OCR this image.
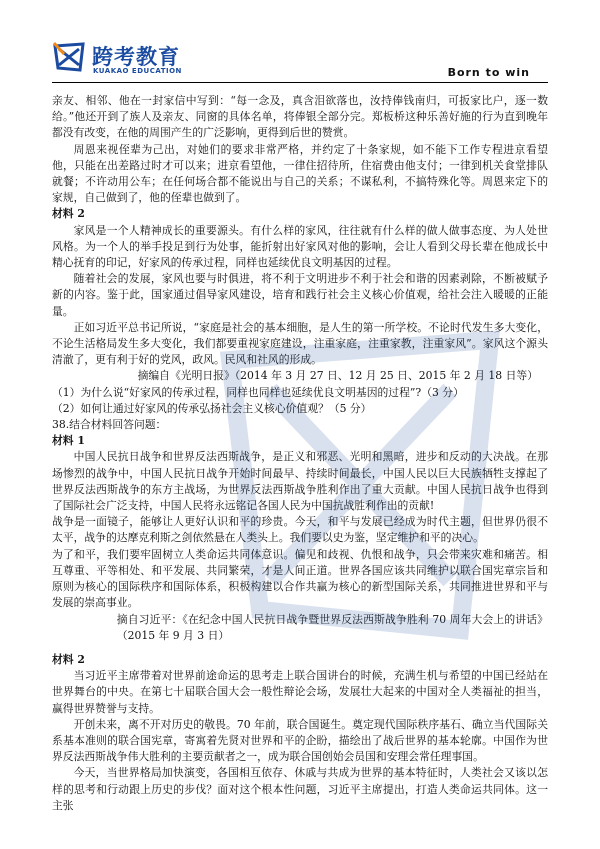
跨考教育
KUAKAO EDUCATION	Born to win

亲友、相邻、他在一封家信中写到：“每一念及，真含泪欲落也，汝持俸钱南归，可扳家比户，逐一数给。”他还开到了族人及亲友、同窗的具体名单，将俸银全部分完。郑板桥这种乐善好施的行为直到晚年都没有改变，在他的周围产生的广泛影响，更得到后世的赞赏。

周恩来视侄辈为己出，对她们的要求非常严格，并约定了十条家规，如不能下工作专程进京看望他，只能在出差路过时才可以来；进京看望他，一律住招待所，住宿费由他支付；一律到机关食堂排队就餐；不许动用公车；在任何场合都不能说出与自己的关系；不谋私利，不搞特殊化等。周恩来定下的家规，自己做到了，他的侄辈也做到了。

材料 2

家风是一个人精神成长的重要源头。有什么样的家风，往往就有什么样的做人做事态度、为人处世风格。为一个人的举手投足到行为处事，能折射出好家风对他的影响，会让人看到父母长辈在他成长中精心抚育的印记，好家风的传承过程，同样也延续优良文明基因的过程。

随着社会的发展，家风也要与时俱进，将不利于文明进步不利于社会和谐的因素剥除，不断被赋予新的内容。鉴于此，国家通过倡导家风建设，培育和践行社会主义核心价值观，给社会注入暖暖的正能量。

正如习近平总书记所说，“家庭是社会的基本细胞，是人生的第一所学校。不论时代发生多大变化，不论生活格局发生多大变化，我们都要重视家庭建设，注重家庭，注重家教，注重家风”。家风这个源头清澈了，更有利于好的党风，政风。民风和社风的形成。

摘编自《光明日报》（2014 年 3 月 27 日、12 月 25 日、2015 年 2 月 18 日等）

（1）为什么说“好家风的传承过程，同样也同样也延续优良文明基因的过程”?（3 分）

（2）如何让通过好家风的传承弘扬社会主义核心价值观？（5 分）

38.结合材料回答问题：

材料 1

中国人民抗日战争和世界反法西斯战争，是正义和邪恶、光明和黑暗，进步和反动的大决战。在那场惨烈的战争中，中国人民抗日战争开始时间最早、持续时间最长，中国人民以巨大民族牺牲支撑起了世界反法西斯战争的东方主战场，为世界反法西斯战争胜利作出了重大贡献。中国人民抗日战争也得到了国际社会广泛支持，中国人民将永远铭记各国人民为中国抗战胜利作出的贡献!

战争是一面镜子，能够让人更好认识和平的珍贵。今天，和平与发展已经成为时代主题，但世界仍很不太平，战争的达摩克利斯之剑依然悬在人类头上。我们要以史为鉴，坚定维护和平的决心。

为了和平，我们要牢固树立人类命运共同体意识。偏见和歧视、仇恨和战争，只会带来灾难和痛苦。相互尊重、平等相处、和平发展、共同繁荣，才是人间正道。世界各国应该共同维护以联合国宪章宗旨和原则为核心的国际秩序和国际体系，积极构建以合作共赢为核心的新型国际关系，共同推进世界和平与发展的崇高事业。

摘自习近平：《在纪念中国人民抗日战争暨世界反法西斯战争胜利 70 周年大会上的讲话》（2015 年 9 月 3 日）

材料 2

当习近平主席带着对世界前途命运的思考走上联合国讲台的时候，充满生机与希望的中国已经站在世界舞台的中央。在第七十届联合国大会一般性辩论会场，发展壮大起来的中国对全人类福祉的担当，赢得世界赞誉与支持。

开创未来，离不开对历史的敬畏。70 年前，联合国诞生。奠定现代国际秩序基石、确立当代国际关系基本准则的联合国宪章，寄寓着先贤对世界和平的企盼，描绘出了战后世界的基本轮廓。中国作为世界反法西斯战争伟大胜利的主要贡献者之一，成为联合国创始会员国和安理会常任理事国。

今天，当世界格局加快演变，各国相互依存、休戚与共成为世界的基本特征时，人类社会又该以怎样的思考和行动跟上历史的步伐？面对这个根本性问题，习近平主席提出，打造人类命运共同体。这一主张
